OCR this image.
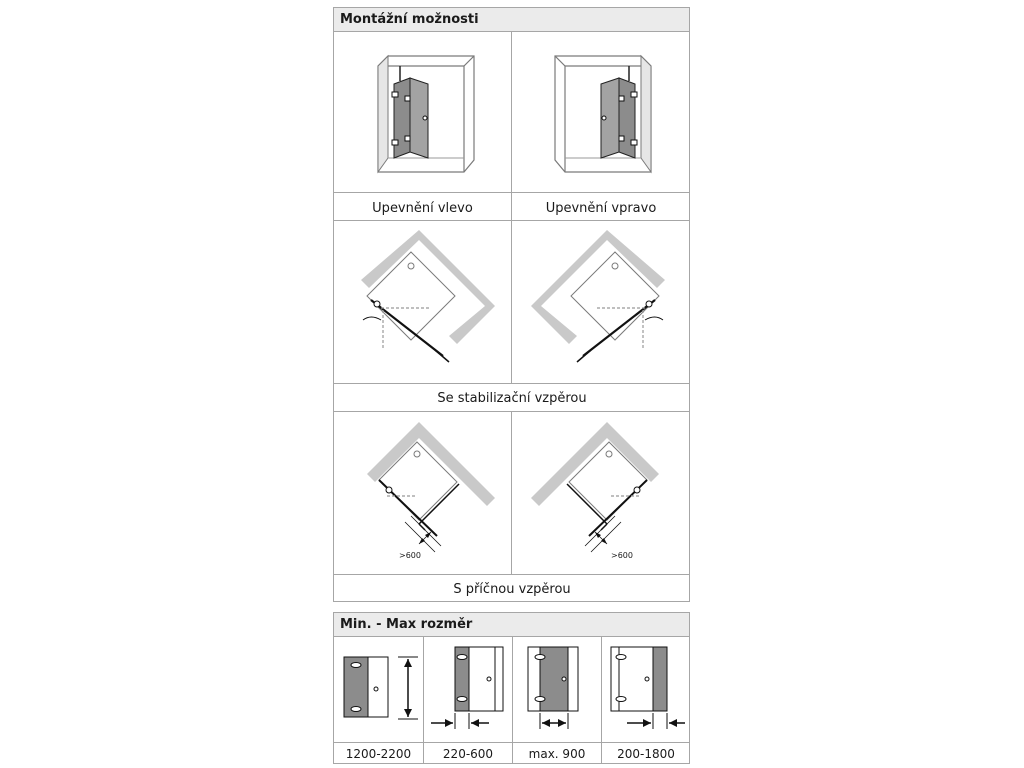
Montážní možnosti
Upevnění vlevo	Upevnění vpravo
Se stabilizační vzpěrou
>600	>600
S příčnou vzpěrou
Min. - Max rozměr
1200-2200	220-600	max. 900	200-1800
